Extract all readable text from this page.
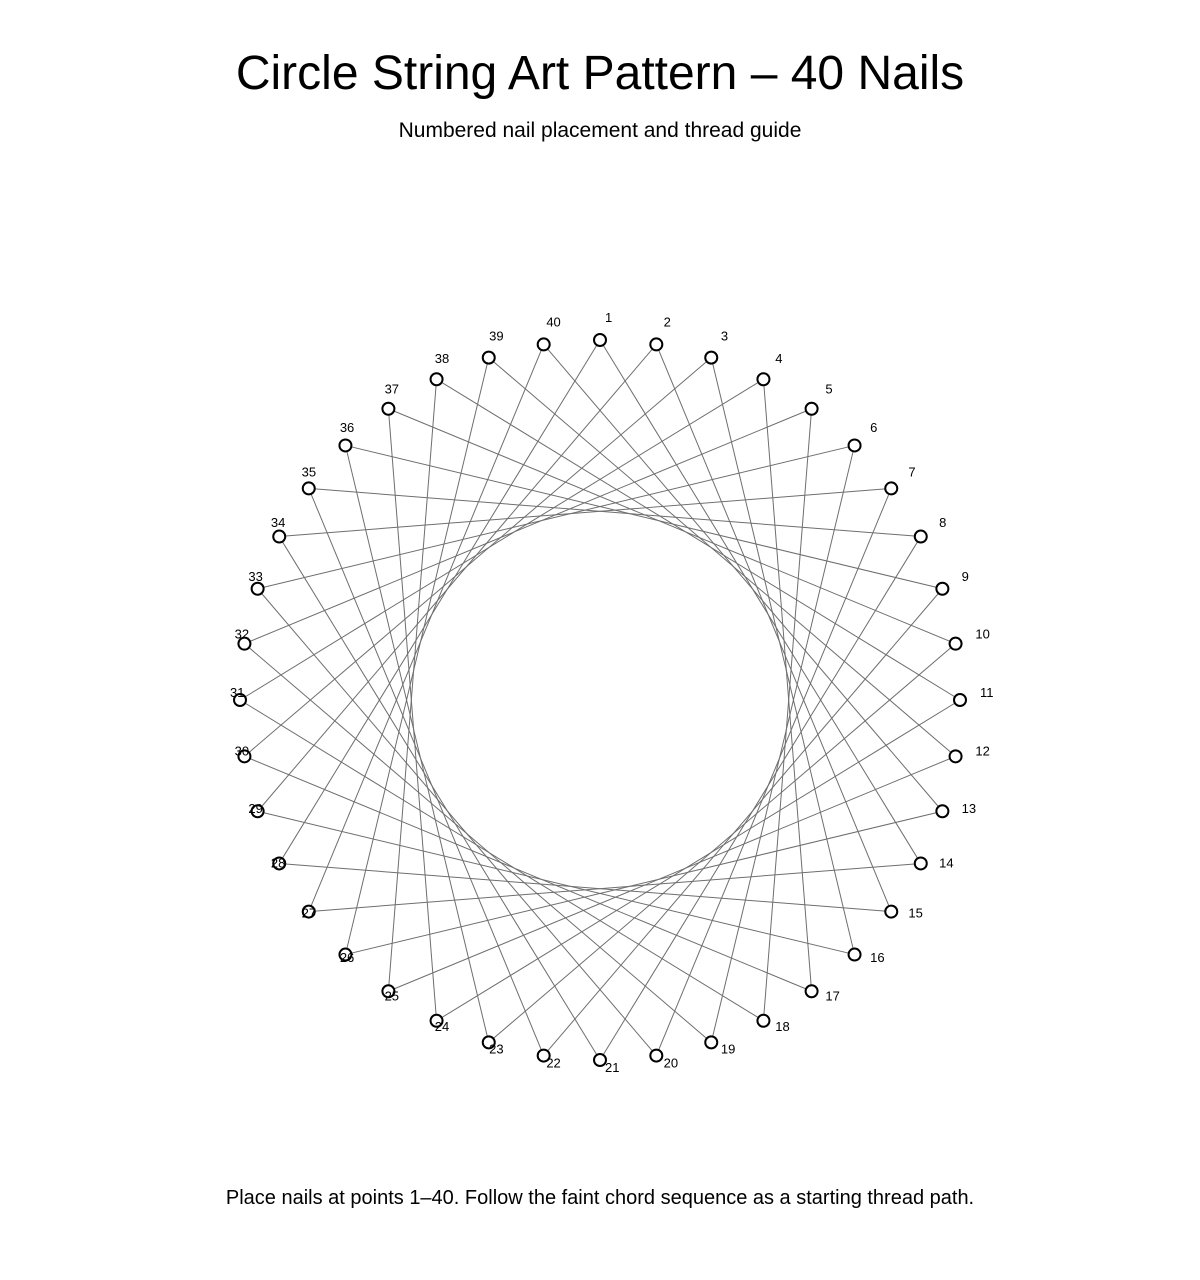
Circle String Art Pattern – 40 Nails
Numbered nail placement and thread guide
1	2
3
4
5
6
7
8
9
10
11
12
13
14
15
16
17
18
19
20
21
22
23
24
25
26
27
28
29
30
31
32
33
34
35
36
37
38
39
40
Place nails at points 1–40. Follow the faint chord sequence as a starting thread path.
